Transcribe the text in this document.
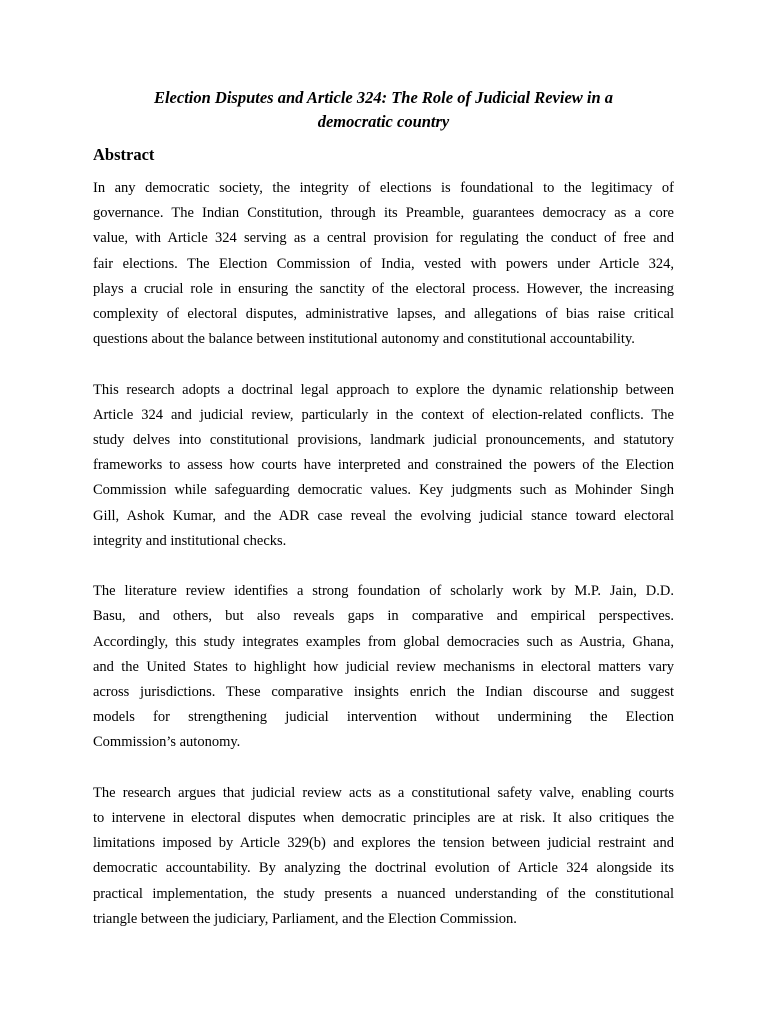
Election Disputes and Article 324: The Role of Judicial Review in a
democratic country
Abstract

In any democratic society, the integrity of elections is foundational to the legitimacy of
governance. The Indian Constitution, through its Preamble, guarantees democracy as a core
value, with Article 324 serving as a central provision for regulating the conduct of free and
fair elections. The Election Commission of India, vested with powers under Article 324,
plays a crucial role in ensuring the sanctity of the electoral process. However, the increasing
complexity of electoral disputes, administrative lapses, and allegations of bias raise critical
questions about the balance between institutional autonomy and constitutional accountability.

This research adopts a doctrinal legal approach to explore the dynamic relationship between
Article 324 and judicial review, particularly in the context of election-related conflicts. The
study delves into constitutional provisions, landmark judicial pronouncements, and statutory
frameworks to assess how courts have interpreted and constrained the powers of the Election
Commission while safeguarding democratic values. Key judgments such as Mohinder Singh
Gill, Ashok Kumar, and the ADR case reveal the evolving judicial stance toward electoral
integrity and institutional checks.

The literature review identifies a strong foundation of scholarly work by M.P. Jain, D.D.
Basu, and others, but also reveals gaps in comparative and empirical perspectives.
Accordingly, this study integrates examples from global democracies such as Austria, Ghana,
and the United States to highlight how judicial review mechanisms in electoral matters vary
across jurisdictions. These comparative insights enrich the Indian discourse and suggest
models for strengthening judicial intervention without undermining the Election
Commission’s autonomy.

The research argues that judicial review acts as a constitutional safety valve, enabling courts
to intervene in electoral disputes when democratic principles are at risk. It also critiques the
limitations imposed by Article 329(b) and explores the tension between judicial restraint and
democratic accountability. By analyzing the doctrinal evolution of Article 324 alongside its
practical implementation, the study presents a nuanced understanding of the constitutional
triangle between the judiciary, Parliament, and the Election Commission.
